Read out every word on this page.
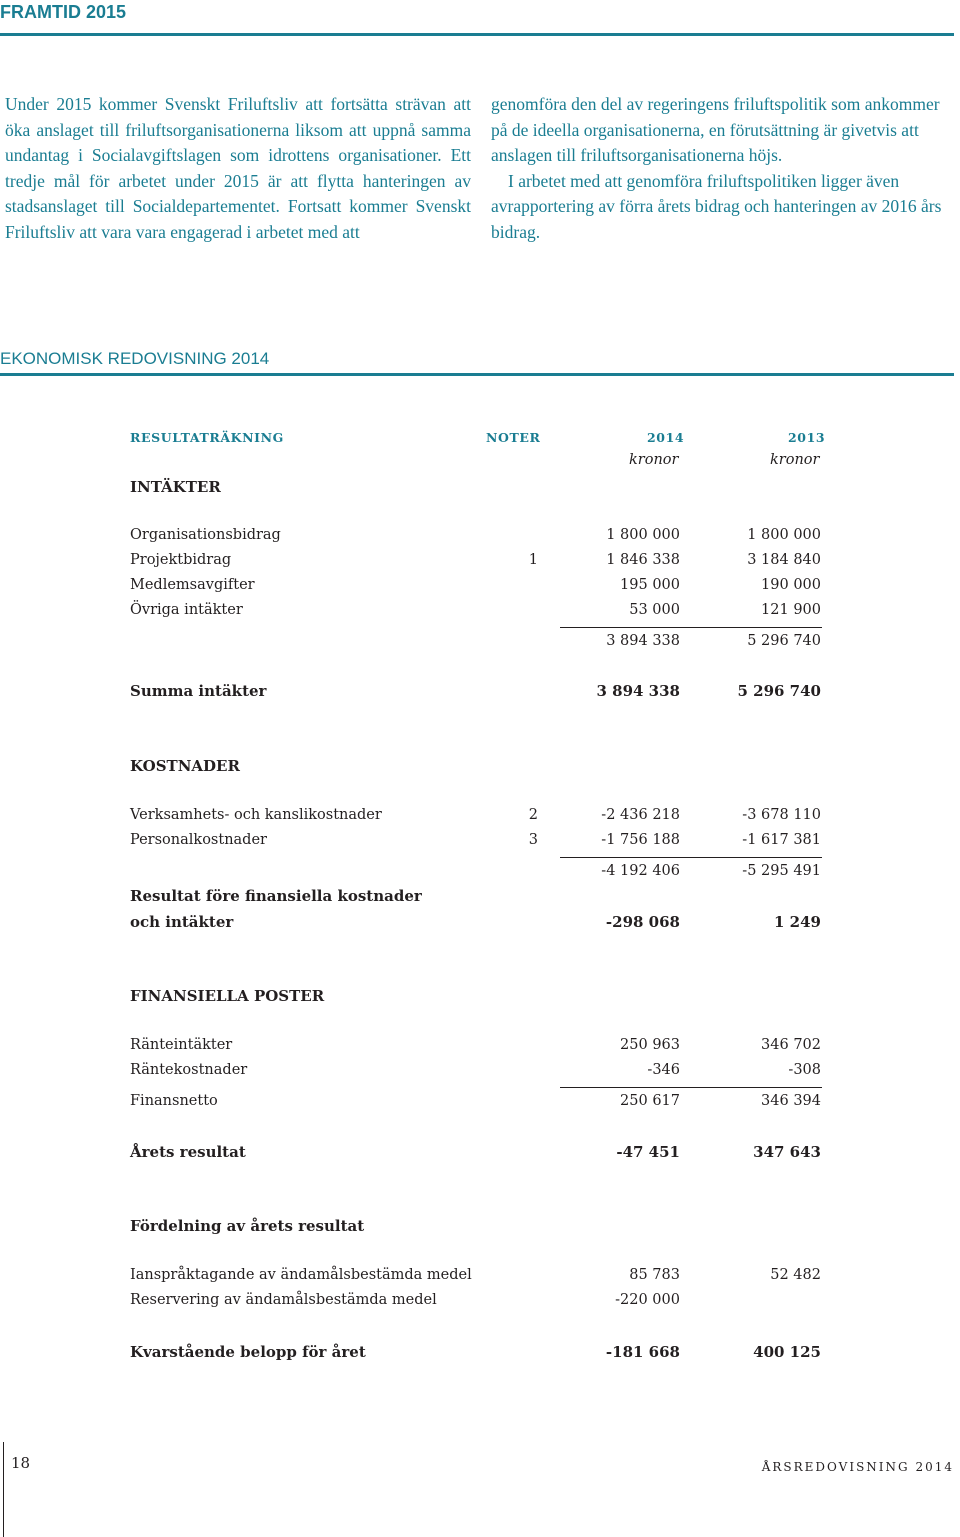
FRAMTID 2015

Under 2015 kommer Svenskt Friluftsliv att fortsätta strävan att öka anslaget till friluftsorganisationerna liksom att uppnå samma undantag i Socialavgiftslagen som idrottens organisationer. Ett tredje mål för arbetet under 2015 är att flytta hanteringen av stadsanslaget till Socialdepartementet. Fortsatt kommer Svenskt Friluftsliv att vara vara engagerad i arbetet med att

genomföra den del av regeringens friluftspolitik som ankommer på de ideella organisationerna, en förutsättning är givetvis att anslagen till friluftsorganisationerna höjs.

I arbetet med att genomföra friluftspolitiken ligger även avrapportering av förra årets bidrag och hanteringen av 2016 års bidrag.

EKONOMISK REDOVISNING 2014
RESULTATRÄKNING	NOTER	2014	2013
kronor	kronor
INTÄKTER
Organisationsbidrag	1 800 000	1 800 000
Projektbidrag	1	1 846 338	3 184 840
Medlemsavgifter	195 000	190 000
Övriga intäkter	53 000	121 900
3 894 338	5 296 740
Summa intäkter	3 894 338	5 296 740
KOSTNADER
Verksamhets- och kanslikostnader	2	-2 436 218	-3 678 110
Personalkostnader	3	-1 756 188	-1 617 381
-4 192 406	-5 295 491
Resultat före finansiella kostnader
och intäkter	-298 068	1 249
FINANSIELLA POSTER
Ränteintäkter	250 963	346 702
Räntekostnader	-346	-308
Finansnetto	250 617	346 394
Årets resultat	-47 451	347 643
Fördelning av årets resultat
Ianspråktagande av ändamålsbestämda medel	85 783	52 482
Reservering av ändamålsbestämda medel	-220 000
Kvarstående belopp för året	-181 668	400 125
18	ÅRSREDOVISNING 2014
